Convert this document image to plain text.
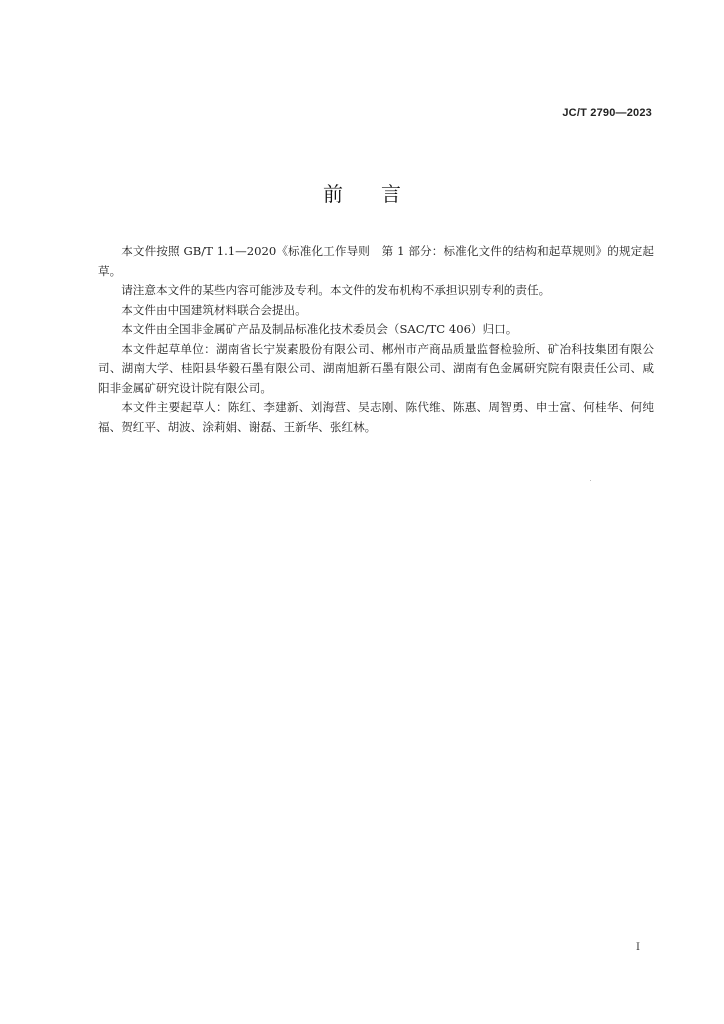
JC/T 2790—2023
前言

本文件按照 GB/T 1.1—2020《标准化工作导则　第 1 部分：标准化文件的结构和起草规则》的规定起草。

请注意本文件的某些内容可能涉及专利。本文件的发布机构不承担识别专利的责任。

本文件由中国建筑材料联合会提出。

本文件由全国非金属矿产品及制品标准化技术委员会（SAC/TC 406）归口。

本文件起草单位：湖南省长宁炭素股份有限公司、郴州市产商品质量监督检验所、矿冶科技集团有限公司、湖南大学、桂阳县华毅石墨有限公司、湖南旭新石墨有限公司、湖南有色金属研究院有限责任公司、咸阳非金属矿研究设计院有限公司。

本文件主要起草人：陈红、李建新、刘海营、吴志刚、陈代维、陈惠、周智勇、申士富、何桂华、何纯福、贺红平、胡波、涂莉娟、谢磊、王新华、张红林。

I
